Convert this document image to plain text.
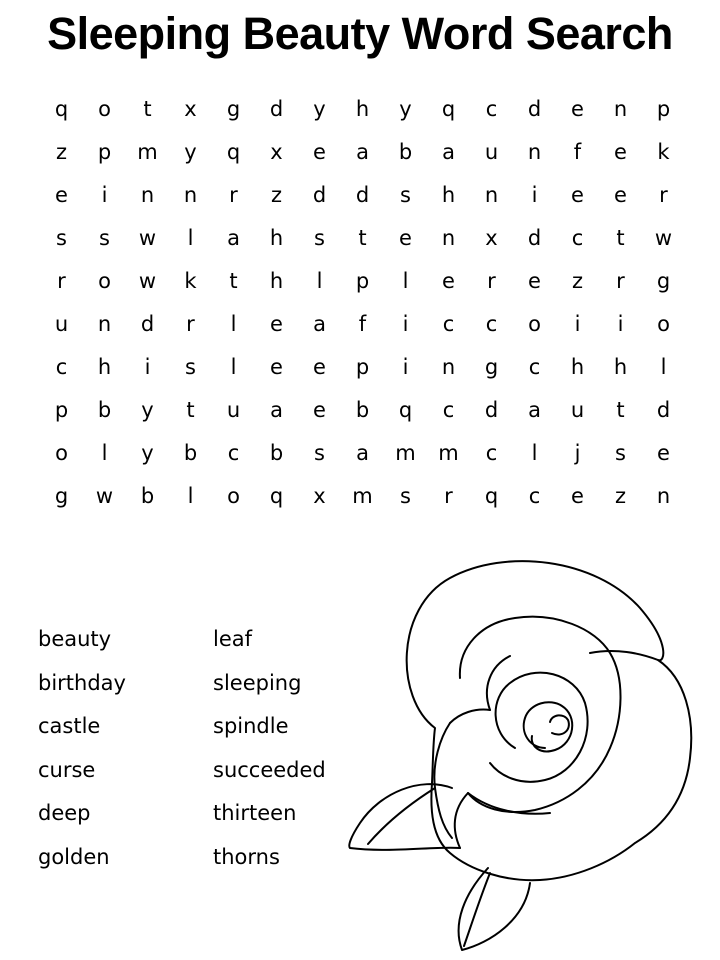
Sleeping Beauty Word Search
q	o	t	x	g	d	y	h	y	q	c	d	e	n	p
z	p	m	y	q	x	e	a	b	a	u	n	f	e	k
e	i	n	n	r	z	d	d	s	h	n	i	e	e	r
s	s	w	l	a	h	s	t	e	n	x	d	c	t	w
r	o	w	k	t	h	l	p	l	e	r	e	z	r	g
u	n	d	r	l	e	a	f	i	c	c	o	i	i	o
c	h	i	s	l	e	e	p	i	n	g	c	h	h	l
p	b	y	t	u	a	e	b	q	c	d	a	u	t	d
o	l	y	b	c	b	s	a	m	m	c	l	j	s	e
g	w	b	l	o	q	x	m	s	r	q	c	e	z	n
beauty
birthday
castle
curse
deep
golden
leaf
sleeping
spindle
succeeded
thirteen
thorns
